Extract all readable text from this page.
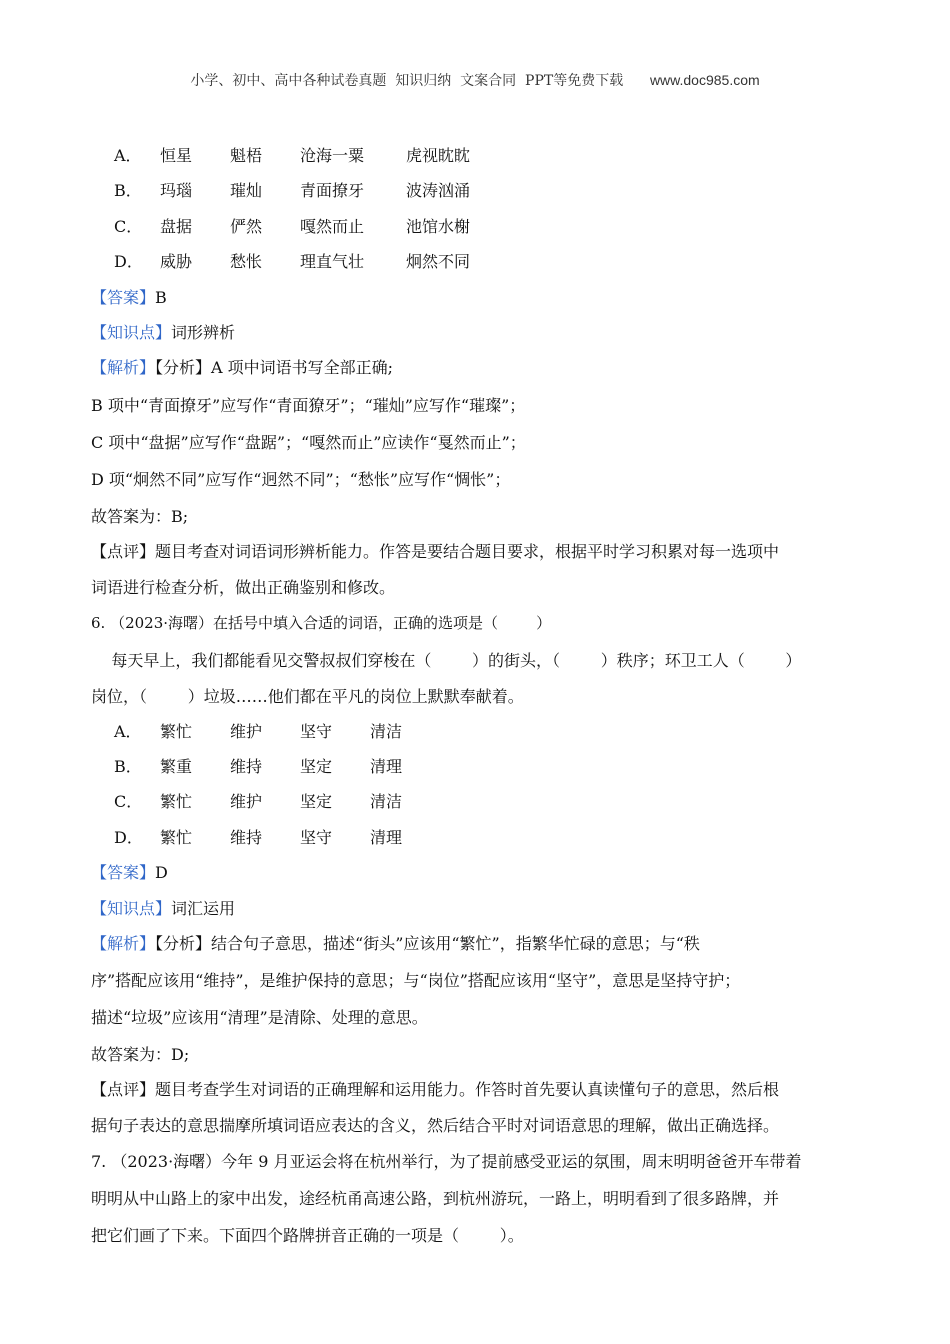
小学、初中、高中各种试卷真题  知识归纳  文案合同  PPT等免费下载 www.doc985.com
A． 恒星 魁梧 沧海一粟	虎视眈眈
B． 玛瑙 璀灿 青面撩牙	波涛汹涌
C． 盘据 俨然 嘎然而止	池馆水榭
D． 威胁 愁怅 理直气壮	炯然不同
【答案】B
【知识点】词形辨析
【解析】【分析】A 项中词语书写全部正确;
B 项中“青面撩牙”应写作“青面獠牙”；“璀灿”应写作“璀璨”；
C 项中“盘据”应写作“盘踞”；“嘎然而止”应读作“戛然而止”；
D 项“炯然不同”应写作“迥然不同”；“愁怅”应写作“惆怅”；
故答案为：B;
【点评】题目考查对词语词形辨析能力。作答是要结合题目要求，根据平时学习积累对每一选项中
词语进行检查分析，做出正确鉴别和修改。
6. （2023·海曙）在括号中填入合适的词语，正确的选项是（        ）
每天早上，我们都能看见交警叔叔们穿梭在（        ）的街头，（        ）秩序；环卫工人（        ）
岗位，（        ）垃圾……他们都在平凡的岗位上默默奉献着。
A． 繁忙 维护 坚守 清洁
B． 繁重 维持 坚定 清理
C． 繁忙 维护 坚定 清洁
D． 繁忙 维持 坚守 清理
【答案】D
【知识点】词汇运用
【解析】【分析】结合句子意思，描述“街头”应该用“繁忙”，指繁华忙碌的意思；与“秩
序”搭配应该用“维持”，是维护保持的意思；与“岗位”搭配应该用“坚守”，意思是坚持守护；
描述“垃圾”应该用“清理”是清除、处理的意思。
故答案为：D;
【点评】题目考查学生对词语的正确理解和运用能力。作答时首先要认真读懂句子的意思，然后根
据句子表达的意思揣摩所填词语应表达的含义，然后结合平时对词语意思的理解，做出正确选择。
7. （2023·海曙）今年 9 月亚运会将在杭州举行，为了提前感受亚运的氛围，周末明明爸爸开车带着
明明从中山路上的家中出发，途经杭甬高速公路，到杭州游玩，一路上，明明看到了很多路牌，并
把它们画了下来。下面四个路牌拼音正确的一项是（        ）。
